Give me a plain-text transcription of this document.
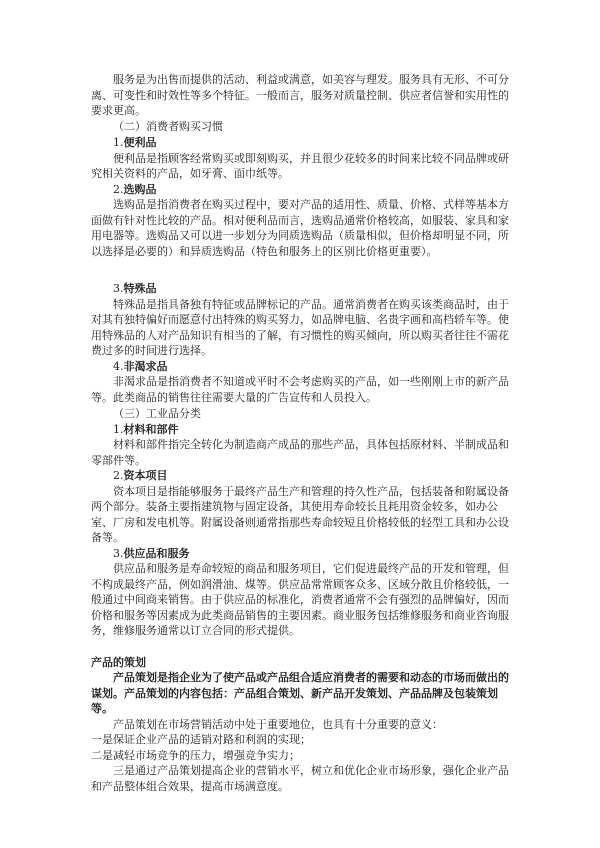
服务是为出售而提供的活动、利益或满意，如美容与理发。服务具有无形、不可分离、可变性和时效性等多个特征。一般而言，服务对质量控制、供应者信誉和实用性的要求更高。

（二）消费者购买习惯

1.便利品

便利品是指顾客经常购买或即刻购买，并且很少花较多的时间来比较不同品牌或研究相关资料的产品，如牙膏、面巾纸等。

2.选购品

选购品是指消费者在购买过程中，要对产品的适用性、质量、价格、式样等基本方面做有针对性比较的产品。相对便利品而言，选购品通常价格较高，如服装、家具和家用电器等。选购品又可以进一步划分为同质选购品（质量相似，但价格却明显不同，所以选择是必要的）和异质选购品（特色和服务上的区别比价格更重要）。

3.特殊品

特殊品是指具备独有特征或品牌标记的产品。通常消费者在购买该类商品时，由于对其有独特偏好而愿意付出特殊的购买努力，如品牌电脑、名贵字画和高档轿车等。使用特殊品的人对产品知识有相当的了解，有习惯性的购买倾向，所以购买者往往不需花费过多的时间进行选择。

4.非渴求品

非渴求品是指消费者不知道或平时不会考虑购买的产品，如一些刚刚上市的新产品等。此类商品的销售往往需要大量的广告宣传和人员投入。

（三）工业品分类

1.材料和部件

材料和部件指完全转化为制造商产成品的那些产品，具体包括原材料、半制成品和零部件等。

2.资本项目

资本项目是指能够服务于最终产品生产和管理的持久性产品，包括装备和附属设备两个部分。装备主要指建筑物与固定设备，其使用寿命较长且耗用资金较多，如办公室、厂房和发电机等。附属设备则通常指那些寿命较短且价格较低的轻型工具和办公设备等。

3.供应品和服务

供应品和服务是寿命较短的商品和服务项目，它们促进最终产品的开发和管理，但不构成最终产品，例如润滑油、煤等。供应品常常顾客众多、区域分散且价格较低，一般通过中间商来销售。由于供应品的标准化，消费者通常不会有强烈的品牌偏好，因而价格和服务等因素成为此类商品销售的主要因素。商业服务包括维修服务和商业咨询服务，维修服务通常以订立合同的形式提供。

产品的策划

产品策划是指企业为了使产品或产品组合适应消费者的需要和动态的市场而做出的谋划。产品策划的内容包括：产品组合策划、新产品开发策划、产品品牌及包装策划等。

产品策划在市场营销活动中处于重要地位，也具有十分重要的意义：

一是保证企业产品的适销对路和利润的实现；

二是减轻市场竞争的压力，增强竞争实力；

三是通过产品策划提高企业的营销水平，树立和优化企业市场形象，强化企业产品和产品整体组合效果，提高市场满意度。
